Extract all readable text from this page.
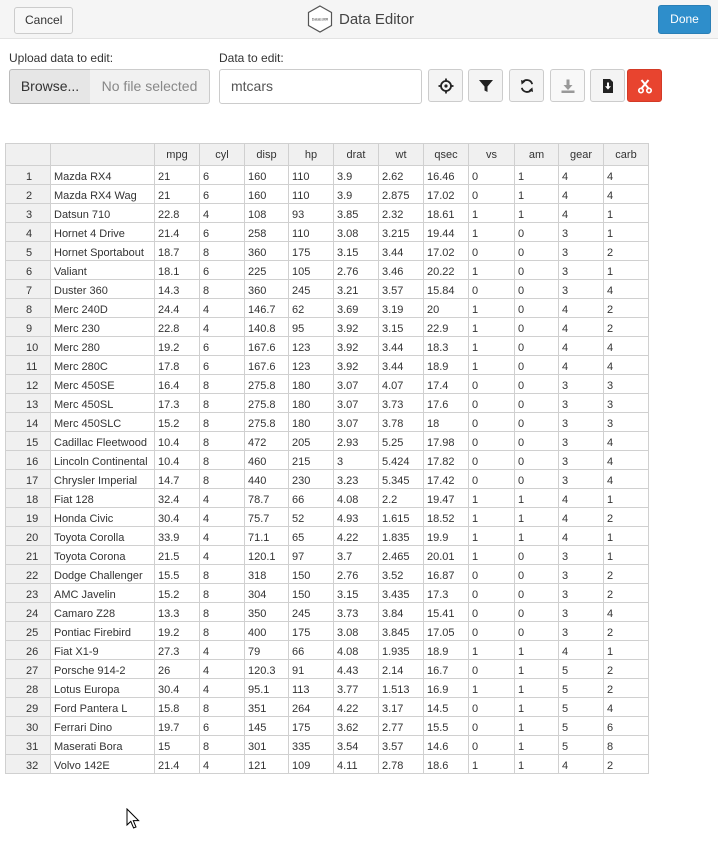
Cancel	DataEditR Data Editor	Done
Upload data to edit:
Browse...	No file selected
Data to edit:
mtcars
		mpg	cyl	disp	hp	drat	wt	qsec	vs	am	gear	carb
1	Mazda RX4	21	6	160	110	3.9	2.62	16.46	0	1	4	4
2	Mazda RX4 Wag	21	6	160	110	3.9	2.875	17.02	0	1	4	4
3	Datsun 710	22.8	4	108	93	3.85	2.32	18.61	1	1	4	1
4	Hornet 4 Drive	21.4	6	258	110	3.08	3.215	19.44	1	0	3	1
5	Hornet Sportabout	18.7	8	360	175	3.15	3.44	17.02	0	0	3	2
6	Valiant	18.1	6	225	105	2.76	3.46	20.22	1	0	3	1
7	Duster 360	14.3	8	360	245	3.21	3.57	15.84	0	0	3	4
8	Merc 240D	24.4	4	146.7	62	3.69	3.19	20	1	0	4	2
9	Merc 230	22.8	4	140.8	95	3.92	3.15	22.9	1	0	4	2
10	Merc 280	19.2	6	167.6	123	3.92	3.44	18.3	1	0	4	4
11	Merc 280C	17.8	6	167.6	123	3.92	3.44	18.9	1	0	4	4
12	Merc 450SE	16.4	8	275.8	180	3.07	4.07	17.4	0	0	3	3
13	Merc 450SL	17.3	8	275.8	180	3.07	3.73	17.6	0	0	3	3
14	Merc 450SLC	15.2	8	275.8	180	3.07	3.78	18	0	0	3	3
15	Cadillac Fleetwood	10.4	8	472	205	2.93	5.25	17.98	0	0	3	4
16	Lincoln Continental	10.4	8	460	215	3	5.424	17.82	0	0	3	4
17	Chrysler Imperial	14.7	8	440	230	3.23	5.345	17.42	0	0	3	4
18	Fiat 128	32.4	4	78.7	66	4.08	2.2	19.47	1	1	4	1
19	Honda Civic	30.4	4	75.7	52	4.93	1.615	18.52	1	1	4	2
20	Toyota Corolla	33.9	4	71.1	65	4.22	1.835	19.9	1	1	4	1
21	Toyota Corona	21.5	4	120.1	97	3.7	2.465	20.01	1	0	3	1
22	Dodge Challenger	15.5	8	318	150	2.76	3.52	16.87	0	0	3	2
23	AMC Javelin	15.2	8	304	150	3.15	3.435	17.3	0	0	3	2
24	Camaro Z28	13.3	8	350	245	3.73	3.84	15.41	0	0	3	4
25	Pontiac Firebird	19.2	8	400	175	3.08	3.845	17.05	0	0	3	2
26	Fiat X1-9	27.3	4	79	66	4.08	1.935	18.9	1	1	4	1
27	Porsche 914-2	26	4	120.3	91	4.43	2.14	16.7	0	1	5	2
28	Lotus Europa	30.4	4	95.1	113	3.77	1.513	16.9	1	1	5	2
29	Ford Pantera L	15.8	8	351	264	4.22	3.17	14.5	0	1	5	4
30	Ferrari Dino	19.7	6	145	175	3.62	2.77	15.5	0	1	5	6
31	Maserati Bora	15	8	301	335	3.54	3.57	14.6	0	1	5	8
32	Volvo 142E	21.4	4	121	109	4.11	2.78	18.6	1	1	4	2
